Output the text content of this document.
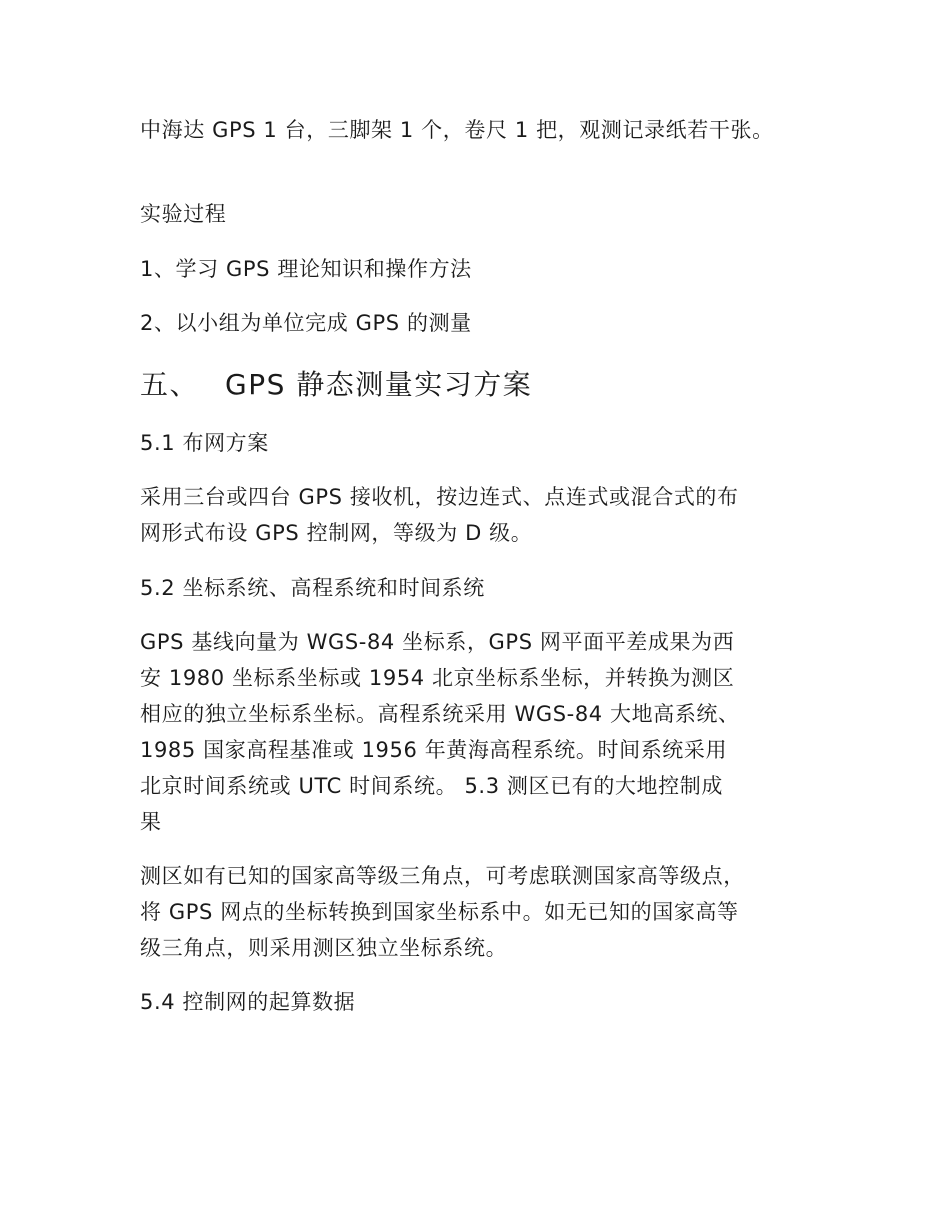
中海达 GPS 1 台，三脚架 1 个，卷尺 1 把，观测记录纸若干张。
实验过程
1、学习 GPS 理论知识和操作方法
2、以小组为单位完成 GPS 的测量
五、 GPS 静态测量实习方案
5.1 布网方案
采用三台或四台 GPS 接收机，按边连式、点连式或混合式的布
网形式布设 GPS 控制网，等级为 D 级。
5.2 坐标系统、高程系统和时间系统
GPS 基线向量为 WGS-84 坐标系，GPS 网平面平差成果为西
安 1980 坐标系坐标或 1954 北京坐标系坐标，并转换为测区
相应的独立坐标系坐标。高程系统采用 WGS-84 大地高系统、
1985 国家高程基准或 1956 年黄海高程系统。时间系统采用
北京时间系统或 UTC 时间系统。 5.3 测区已有的大地控制成
果
测区如有已知的国家高等级三角点，可考虑联测国家高等级点，
将 GPS 网点的坐标转换到国家坐标系中。如无已知的国家高等
级三角点，则采用测区独立坐标系统。
5.4 控制网的起算数据
